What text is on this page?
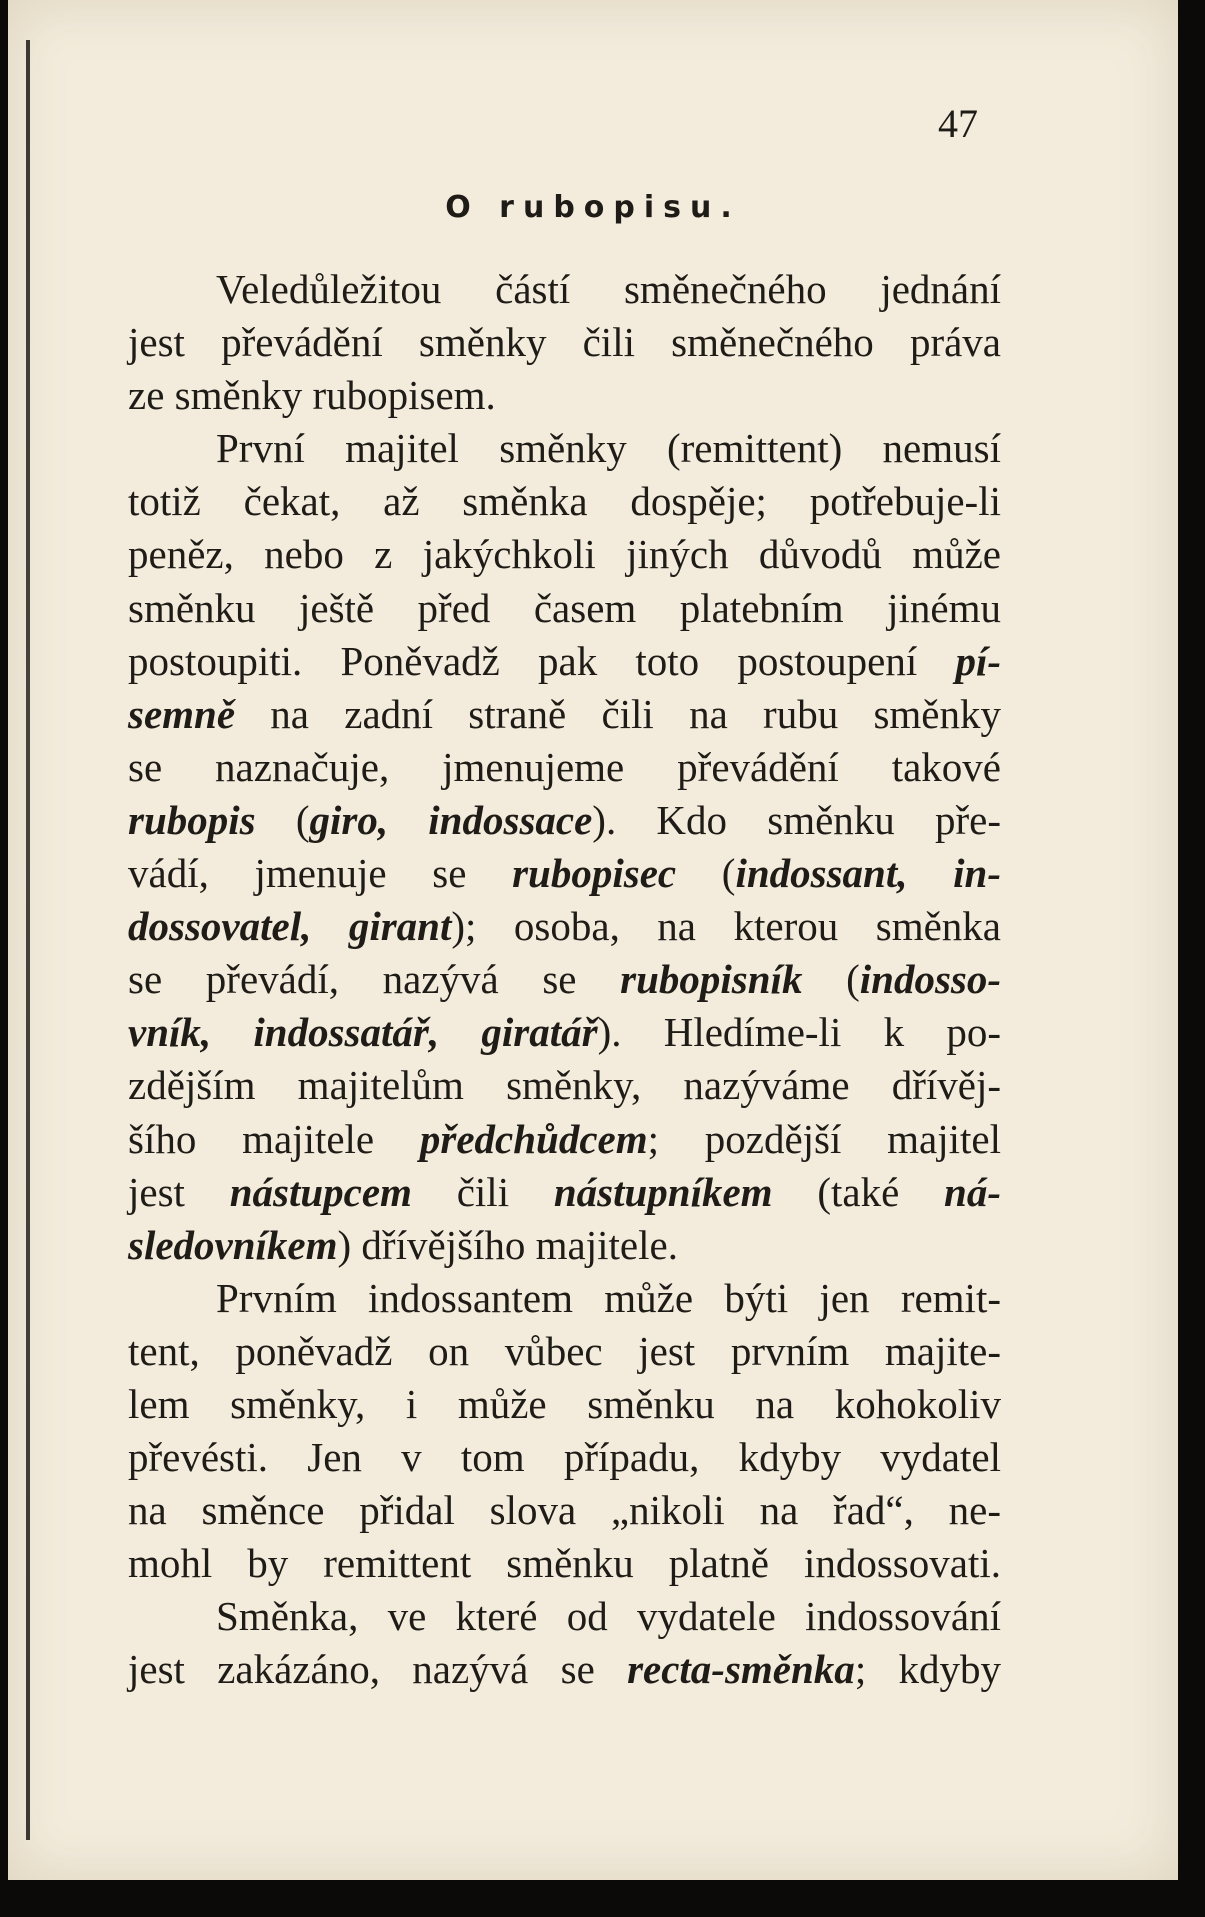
47
O rubopisu.
Veledůležitou částí směnečného jednání
jest převádění směnky čili směnečného práva
ze směnky rubopisem.
První majitel směnky (remittent) nemusí
totiž čekat, až směnka dospěje; potřebuje-li
peněz, nebo z jakýchkoli jiných důvodů může
směnku ještě před časem platebním jinému
postoupiti. Poněvadž pak toto postoupení pí-
semně na zadní straně čili na rubu směnky
se naznačuje, jmenujeme převádění takové
rubopis (giro, indossace). Kdo směnku pře-
vádí, jmenuje se rubopisec (indossant, in-
dossovatel, girant); osoba, na kterou směnka
se převádí, nazývá se rubopisník (indosso-
vník, indossatář, giratář). Hledíme-li k po-
zdějším majitelům směnky, nazýváme dřívěj-
šího majitele předchůdcem; pozdější majitel
jest nástupcem čili nástupníkem (také ná-
sledovníkem) dřívějšího majitele.
Prvním indossantem může býti jen remit-
tent, poněvadž on vůbec jest prvním majite-
lem směnky, i může směnku na kohokoliv
převésti. Jen v tom případu, kdyby vydatel
na směnce přidal slova „nikoli na řad“, ne-
mohl by remittent směnku platně indossovati.
Směnka, ve které od vydatele indossování
jest zakázáno, nazývá se recta-směnka; kdyby
